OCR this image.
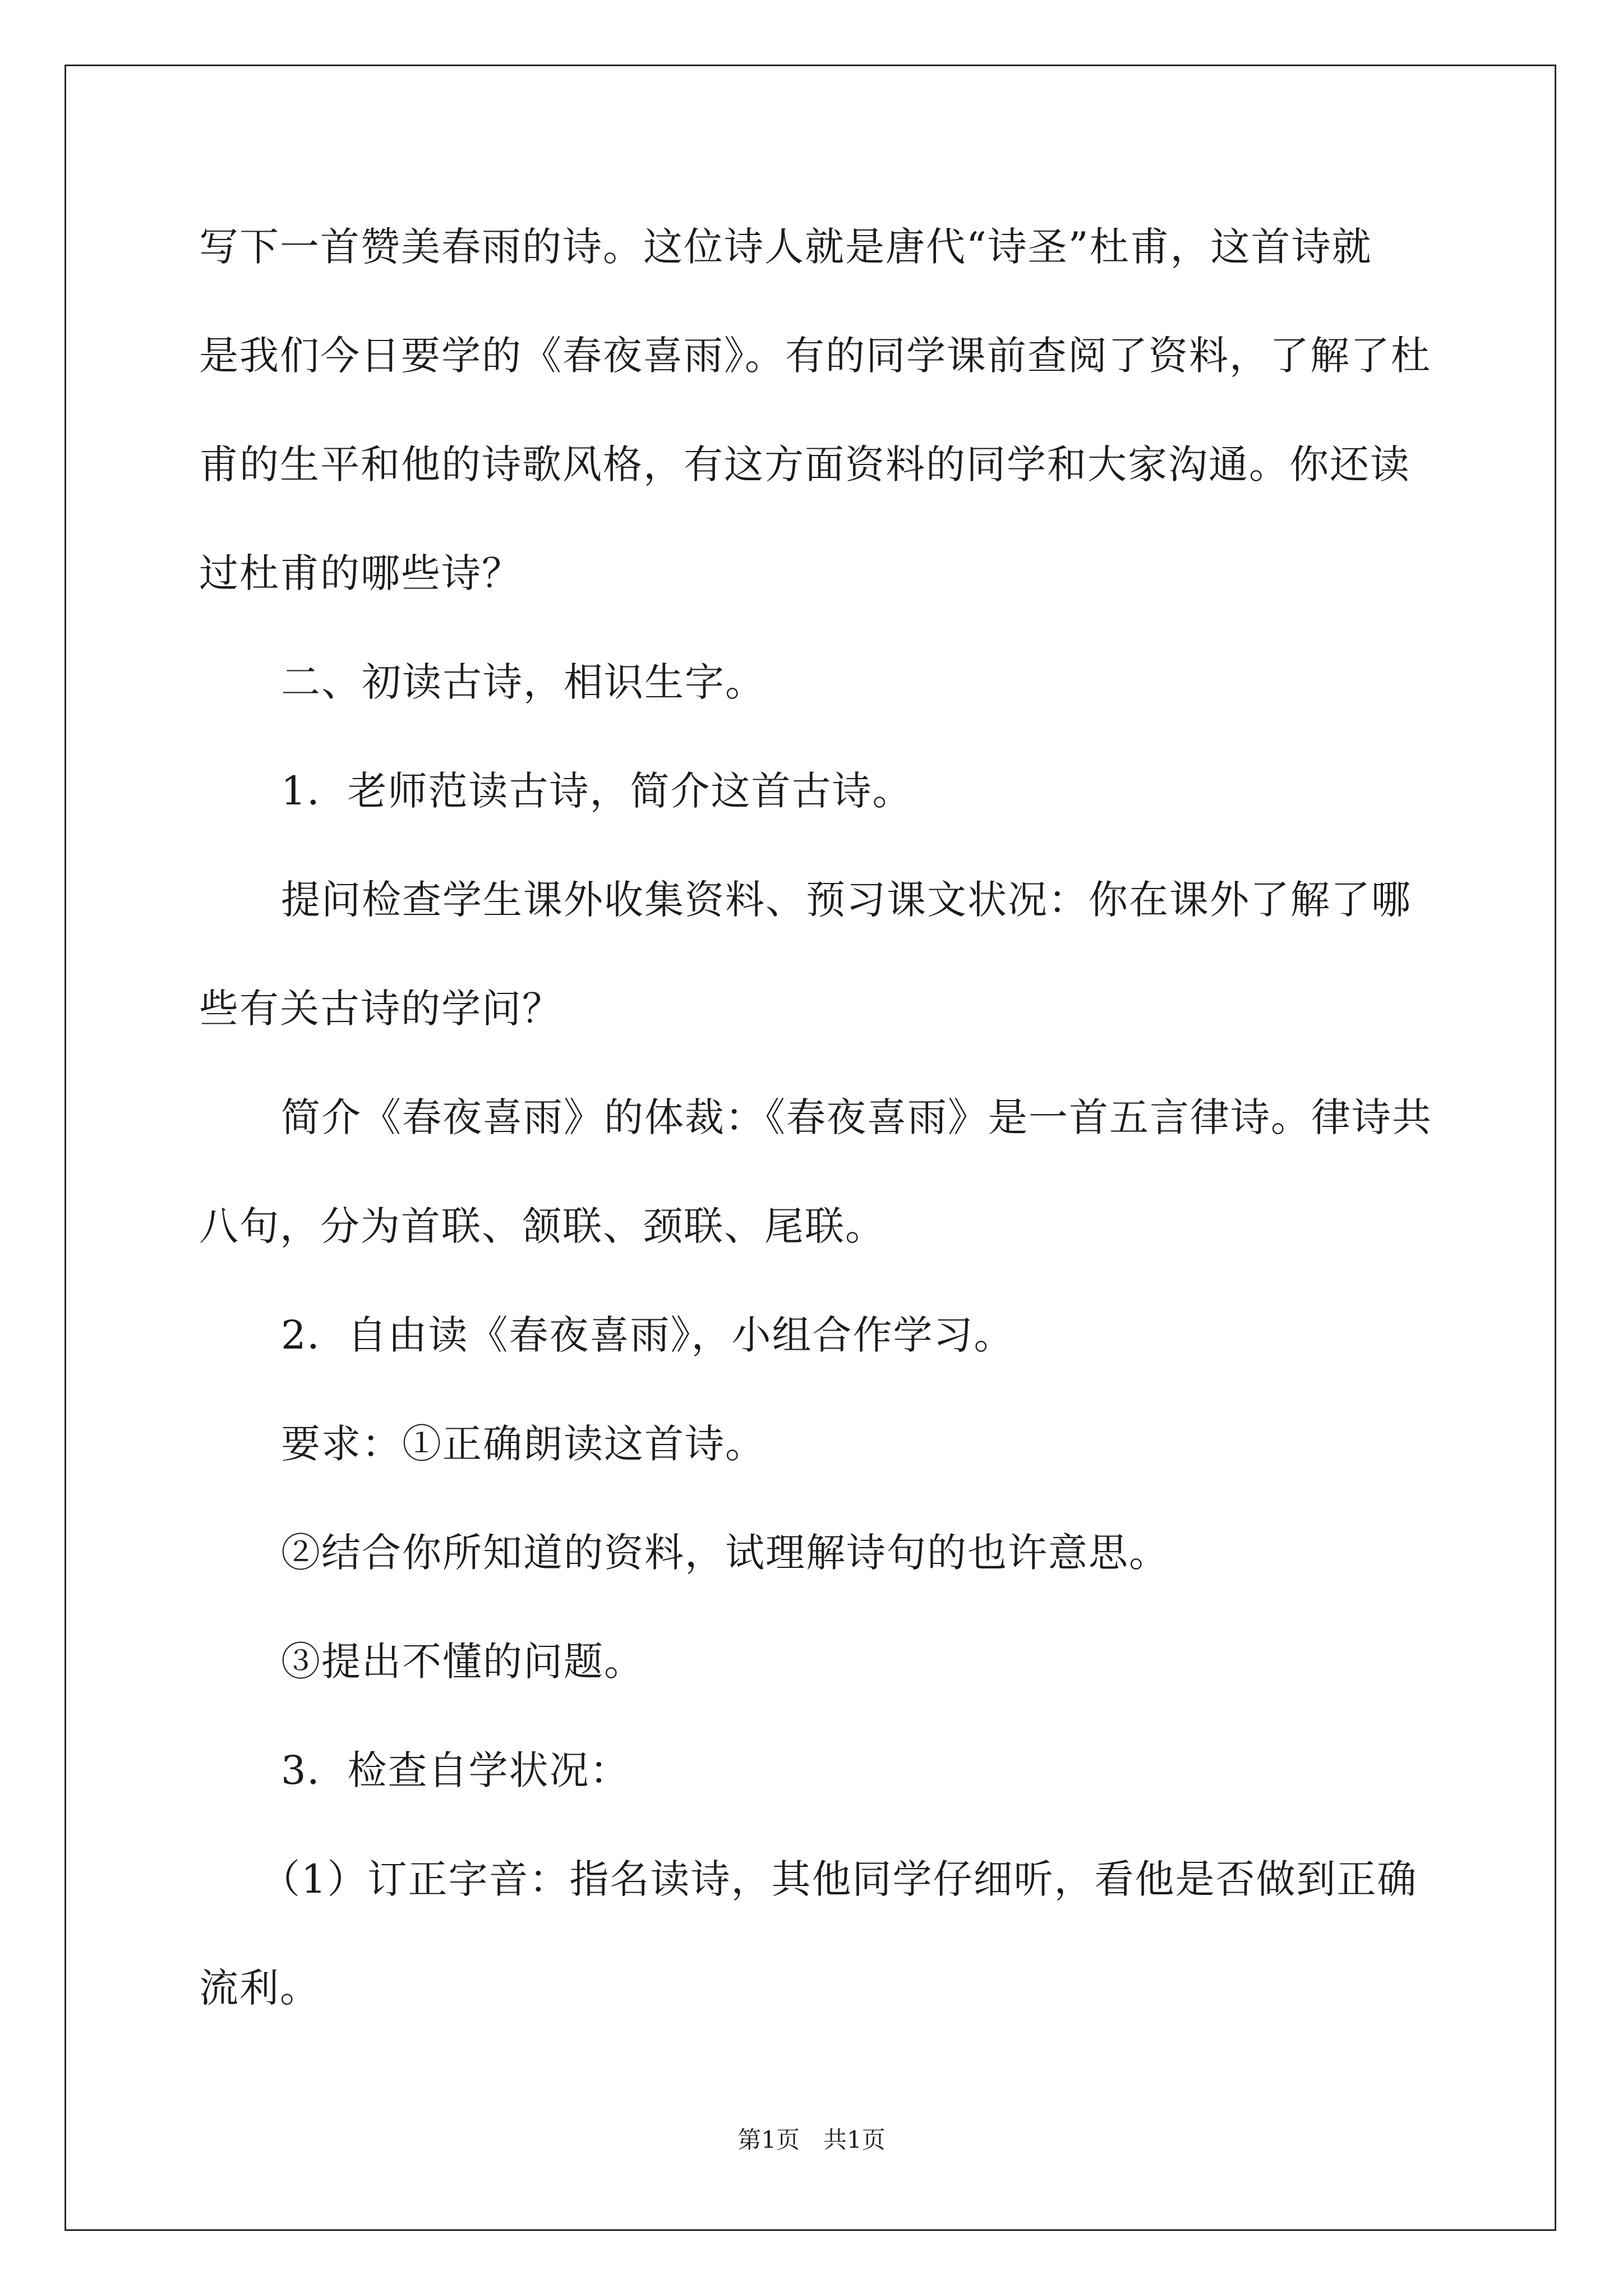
写下一首赞美春雨的诗。这位诗人就是唐代“诗圣”杜甫，这首诗就
是我们今日要学的《春夜喜雨》。有的同学课前查阅了资料，了解了杜
甫的生平和他的诗歌风格，有这方面资料的同学和大家沟通。你还读
过杜甫的哪些诗？
二、初读古诗，相识生字。
1．老师范读古诗，简介这首古诗。
提问检查学生课外收集资料、预习课文状况：你在课外了解了哪
些有关古诗的学问？
简介《春夜喜雨》的体裁：《春夜喜雨》是一首五言律诗。律诗共
八句，分为首联、颔联、颈联、尾联。
2．自由读《春夜喜雨》，小组合作学习。
要求：①正确朗读这首诗。
②结合你所知道的资料，试理解诗句的也许意思。
③提出不懂的问题。
3．检查自学状况：
（1）订正字音：指名读诗，其他同学仔细听，看他是否做到正确
流利。
第1页　共1页
